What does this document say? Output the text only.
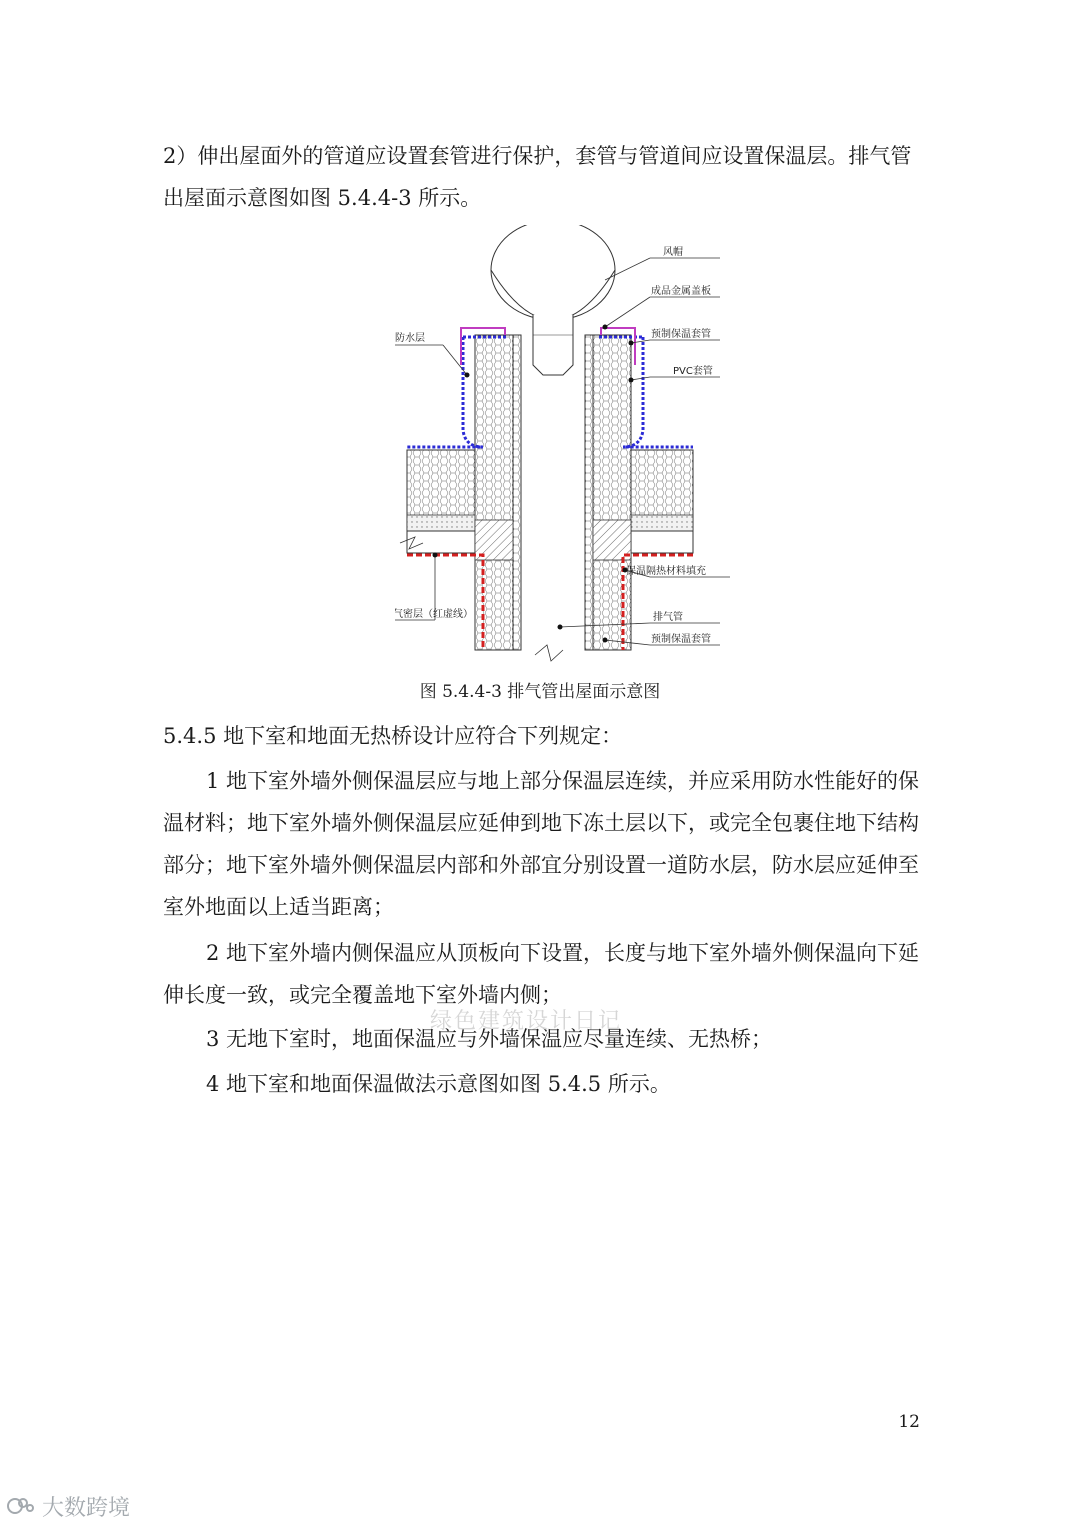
2）伸出屋面外的管道应设置套管进行保护，套管与管道间应设置保温层。排气管出屋面示意图如图 5.4.4-3 所示。

风帽
成品金属盖板
预制保温套管
PVC套管
保温隔热材料填充
排气管
预制保温套管
防水层
气密层（红虚线）
图 5.4.4-3 排气管出屋面示意图

5.4.5 地下室和地面无热桥设计应符合下列规定：

1 地下室外墙外侧保温层应与地上部分保温层连续，并应采用防水性能好的保温材料；地下室外墙外侧保温层应延伸到地下冻土层以下，或完全包裹住地下结构部分；地下室外墙外侧保温层内部和外部宜分别设置一道防水层，防水层应延伸至室外地面以上适当距离；

2 地下室外墙内侧保温应从顶板向下设置，长度与地下室外墙外侧保温向下延伸长度一致，或完全覆盖地下室外墙内侧；

3 无地下室时，地面保温应与外墙保温应尽量连续、无热桥；

4 地下室和地面保温做法示意图如图 5.4.5 所示。

绿色建筑设计日记
12
大数跨境
